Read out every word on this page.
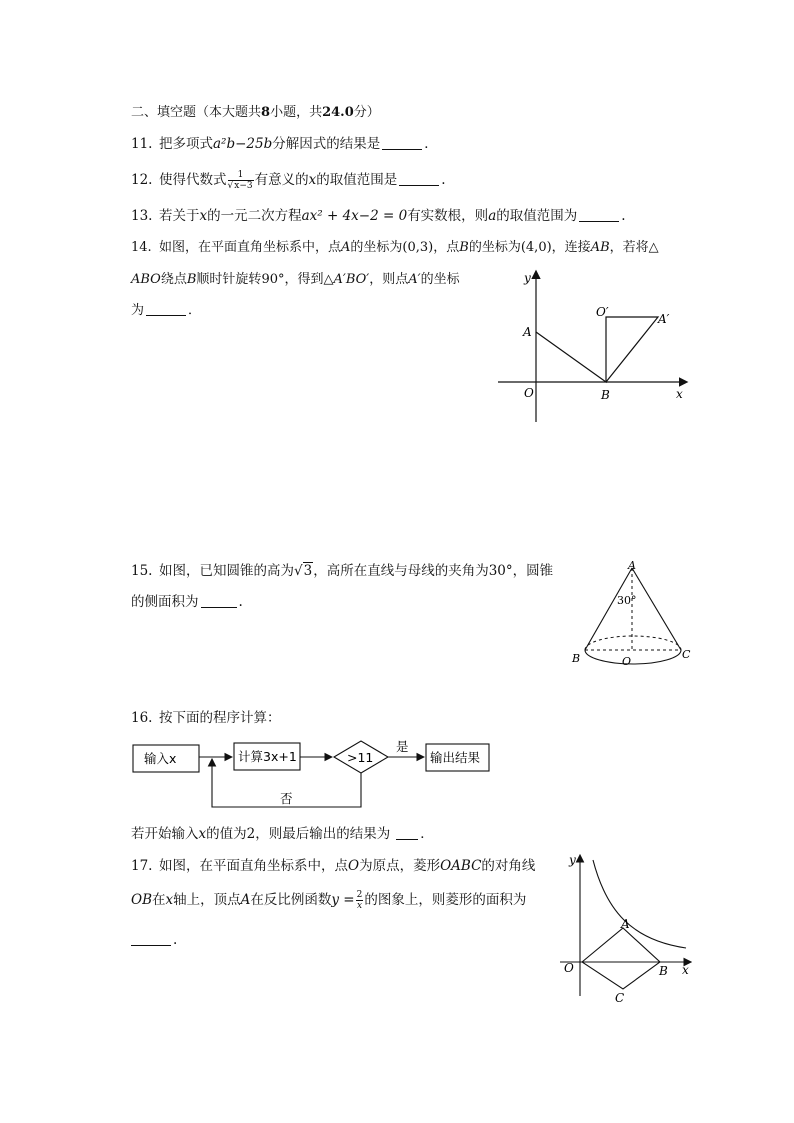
二、填空题（本大题共8小题，共24.0分）
11. 把多项式a²b−25b分解因式的结果是	．
12. 使得代数式 $\frac{1}{√x-3}$ 有意义的x的取值范围是	.
13. 若关于x的一元二次方程ax² + 4x−2 = 0有实数根，则a的取值范围为	.
14. 如图，在平面直角坐标系中，点A的坐标为(0,3)，点B的坐标为(4,0)，连接AB，若将△
ABO绕点B顺时针旋转90°，得到△A′BO′，则点A′的坐标
为	．
y
x
O
A
B
O′	A′
15. 如图，已知圆锥的高为√3，高所在直线与母线的夹角为30°，圆锥
的侧面积为	.
A
B	C
O
30°
16. 按下面的程序计算：
输入x	计算3x+1	>11	输出结果
是
否
若开始输入x的值为2，则最后输出的结果为 ．
17. 如图，在平面直角坐标系中，点O为原点，菱形OABC的对角线
OB在x轴上，顶点A在反比例函数$y = \frac{2}{x}$ 的图象上，则菱形的面积为
.
y
x
O
A
B
C
